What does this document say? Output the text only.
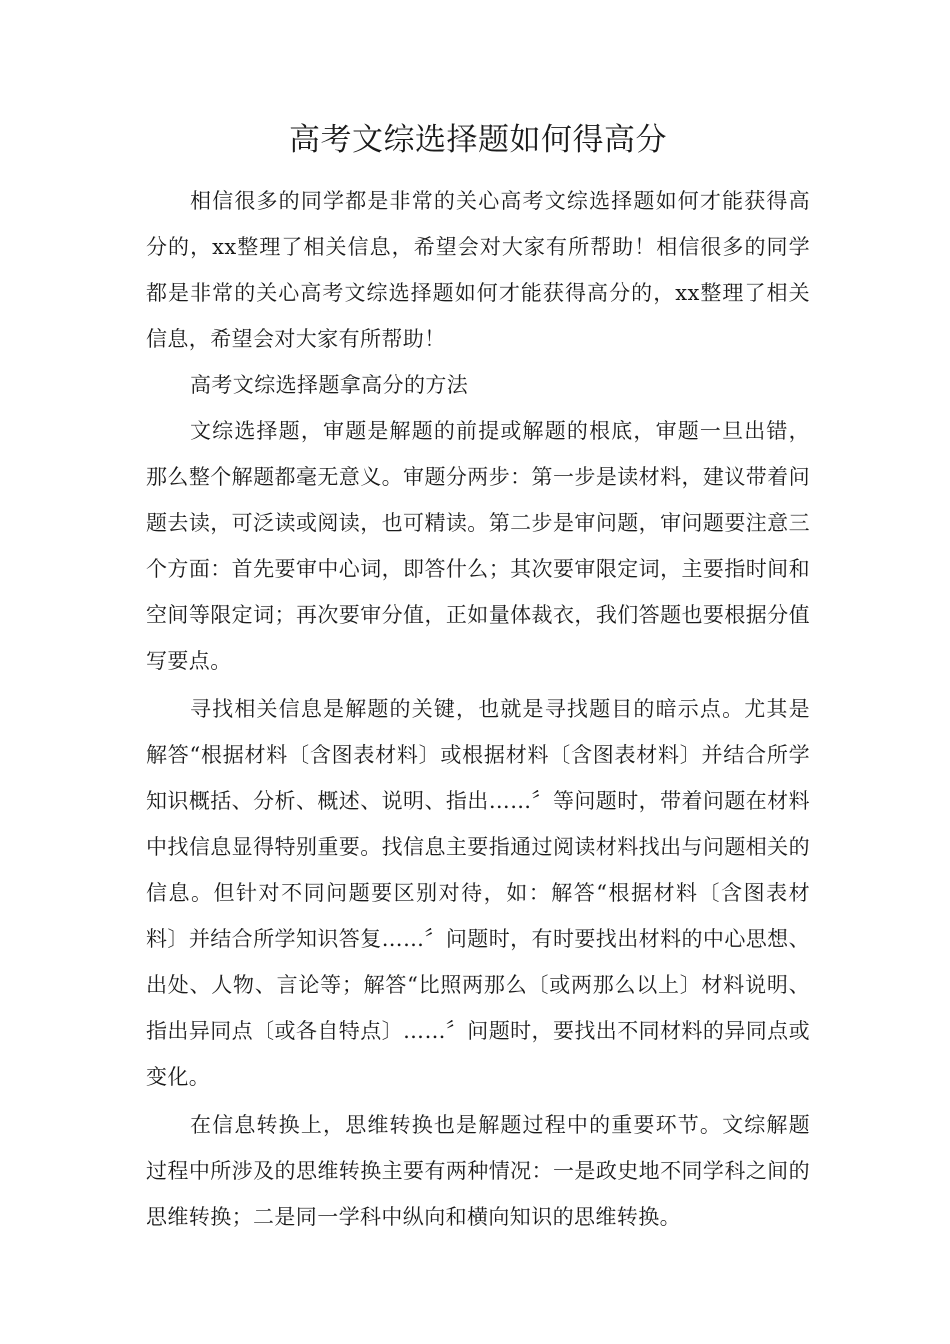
高考文综选择题如何得高分

相信很多的同学都是非常的关心高考文综选择题如何才能获得高分的，xx整理了相关信息，希望会对大家有所帮助！相信很多的同学都是非常的关心高考文综选择题如何才能获得高分的，xx整理了相关信息，希望会对大家有所帮助！

高考文综选择题拿高分的方法

文综选择题，审题是解题的前提或解题的根底，审题一旦出错，那么整个解题都毫无意义。审题分两步：第一步是读材料，建议带着问题去读，可泛读或阅读，也可精读。第二步是审问题，审问题要注意三个方面：首先要审中心词，即答什么；其次要审限定词，主要指时间和空间等限定词；再次要审分值，正如量体裁衣，我们答题也要根据分值写要点。

寻找相关信息是解题的关键，也就是寻找题目的暗示点。尤其是解答“根据材料〔含图表材料〕或根据材料〔含图表材料〕并结合所学知识概括、分析、概述、说明、指出……〞等问题时，带着问题在材料中找信息显得特别重要。找信息主要指通过阅读材料找出与问题相关的信息。但针对不同问题要区别对待，如：解答“根据材料〔含图表材料〕并结合所学知识答复……〞问题时，有时要找出材料的中心思想、出处、人物、言论等；解答“比照两那么〔或两那么以上〕材料说明、指出异同点〔或各自特点〕……〞问题时，要找出不同材料的异同点或变化。

在信息转换上，思维转换也是解题过程中的重要环节。文综解题过程中所涉及的思维转换主要有两种情况：一是政史地不同学科之间的思维转换；二是同一学科中纵向和横向知识的思维转换。
